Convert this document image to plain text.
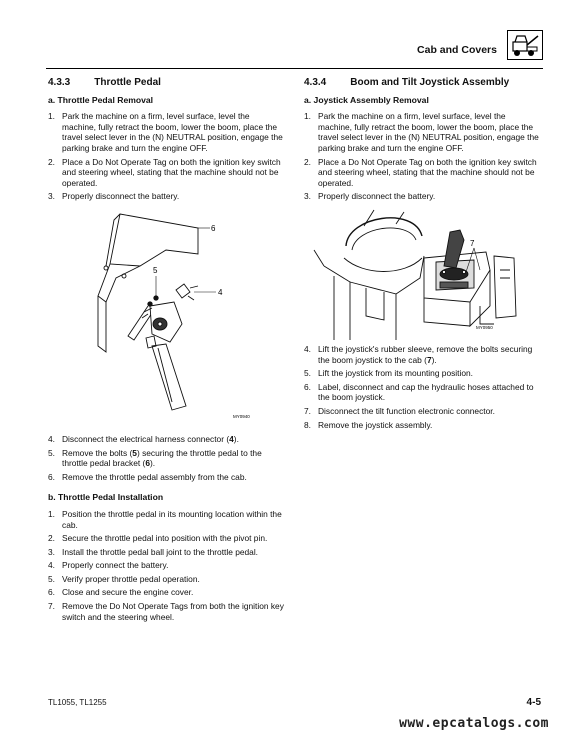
Cab and Covers
4.3.3 Throttle Pedal
a. Throttle Pedal Removal
1. Park the machine on a firm, level surface, level the machine, fully retract the boom, lower the boom, place the travel select lever in the (N) NEUTRAL position, engage the parking brake and turn the engine OFF.
2. Place a Do Not Operate Tag on both the ignition key switch and steering wheel, stating that the machine should not be operated.
3. Properly disconnect the battery.
6
5
4
MY0940
4. Disconnect the electrical harness connector (4).
5. Remove the bolts (5) securing the throttle pedal to the throttle pedal bracket (6).
6. Remove the throttle pedal assembly from the cab.
b. Throttle Pedal Installation
1. Position the throttle pedal in its mounting location within the cab.
2. Secure the throttle pedal into position with the pivot pin.
3. Install the throttle pedal ball joint to the throttle pedal.
4. Properly connect the battery.
5. Verify proper throttle pedal operation.
6. Close and secure the engine cover.
7. Remove the Do Not Operate Tags from both the ignition key switch and the steering wheel.
4.3.4 Boom and Tilt Joystick Assembly
a. Joystick Assembly Removal
1. Park the machine on a firm, level surface, level the machine, fully retract the boom, lower the boom, place the travel select lever in the (N) NEUTRAL position, engage the parking brake and turn the engine OFF.
2. Place a Do Not Operate Tag on both the ignition key switch and steering wheel, stating that the machine should not be operated.
3. Properly disconnect the battery.
7
MY0950
4. Lift the joystick's rubber sleeve, remove the bolts securing the boom joystick to the cab (7).
5. Lift the joystick from its mounting position.
6. Label, disconnect and cap the hydraulic hoses attached to the boom joystick.
7. Disconnect the tilt function electronic connector.
8. Remove the joystick assembly.
TL1055, TL1255	4-5
www.epcatalogs.com
